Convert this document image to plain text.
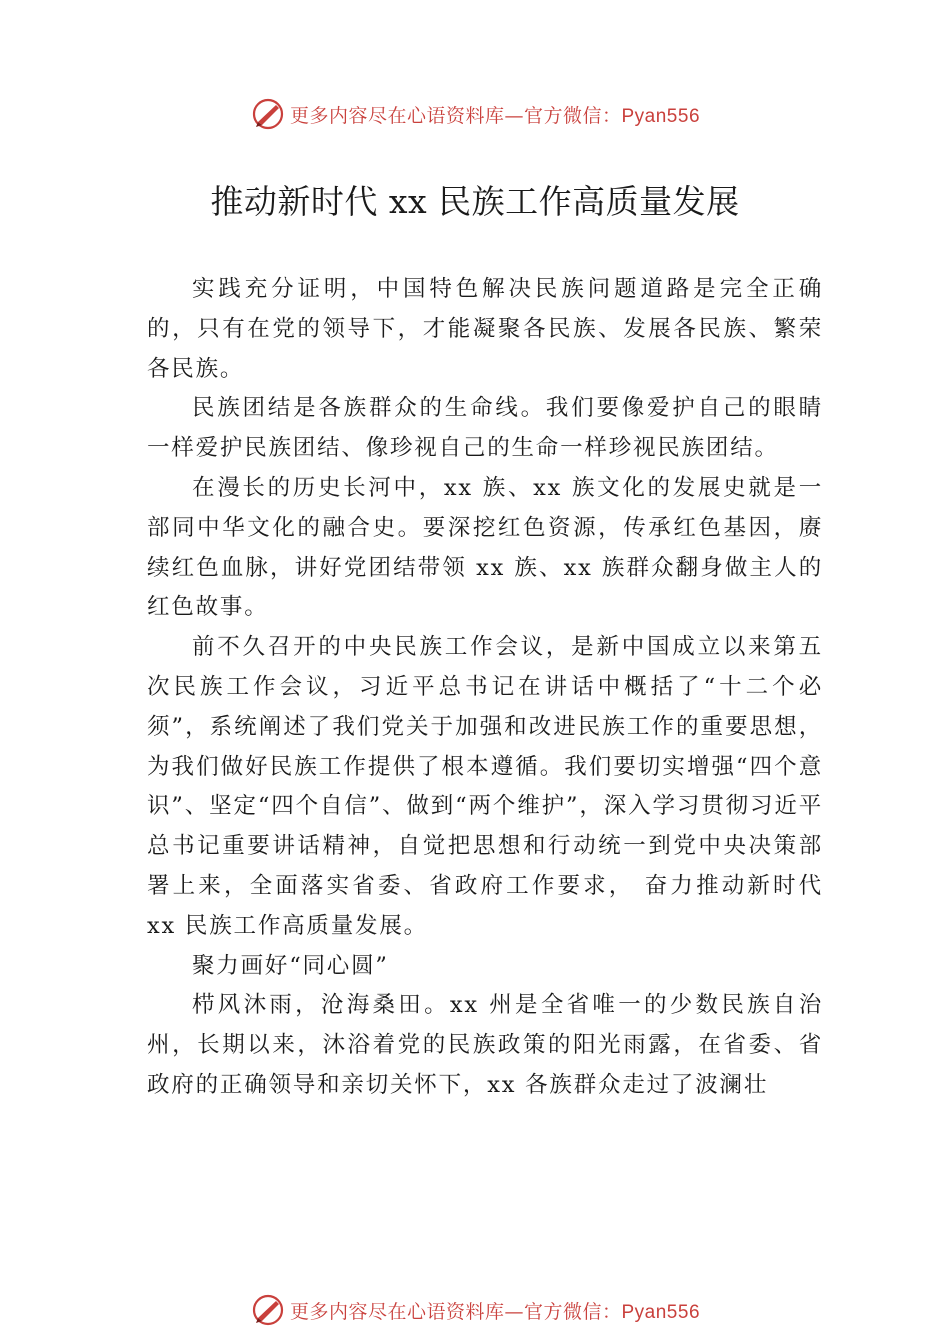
更多内容尽在心语资料库—官方微信：Pyan556
推动新时代 xx 民族工作高质量发展

实践充分证明，中国特色解决民族问题道路是完全正确的，只有在党的领导下，才能凝聚各民族、发展各民族、繁荣各民族。

民族团结是各族群众的生命线。我们要像爱护自己的眼睛一样爱护民族团结、像珍视自己的生命一样珍视民族团结。

在漫长的历史长河中，xx 族、xx 族文化的发展史就是一部同中华文化的融合史。要深挖红色资源，传承红色基因，赓续红色血脉，讲好党团结带领 xx 族、xx 族群众翻身做主人的红色故事。

前不久召开的中央民族工作会议，是新中国成立以来第五次民族工作会议，习近平总书记在讲话中概括了“十二个必须”，系统阐述了我们党关于加强和改进民族工作的重要思想，为我们做好民族工作提供了根本遵循。我们要切实增强“四个意识”、坚定“四个自信”、做到“两个维护”，深入学习贯彻习近平总书记重要讲话精神，自觉把思想和行动统一到党中央决策部署上来，全面落实省委、省政府工作要求， 奋力推动新时代 xx 民族工作高质量发展。

聚力画好“同心圆”

栉风沐雨，沧海桑田。xx 州是全省唯一的少数民族自治州，长期以来，沐浴着党的民族政策的阳光雨露，在省委、省政府的正确领导和亲切关怀下，xx 各族群众走过了波澜壮

更多内容尽在心语资料库—官方微信：Pyan556
